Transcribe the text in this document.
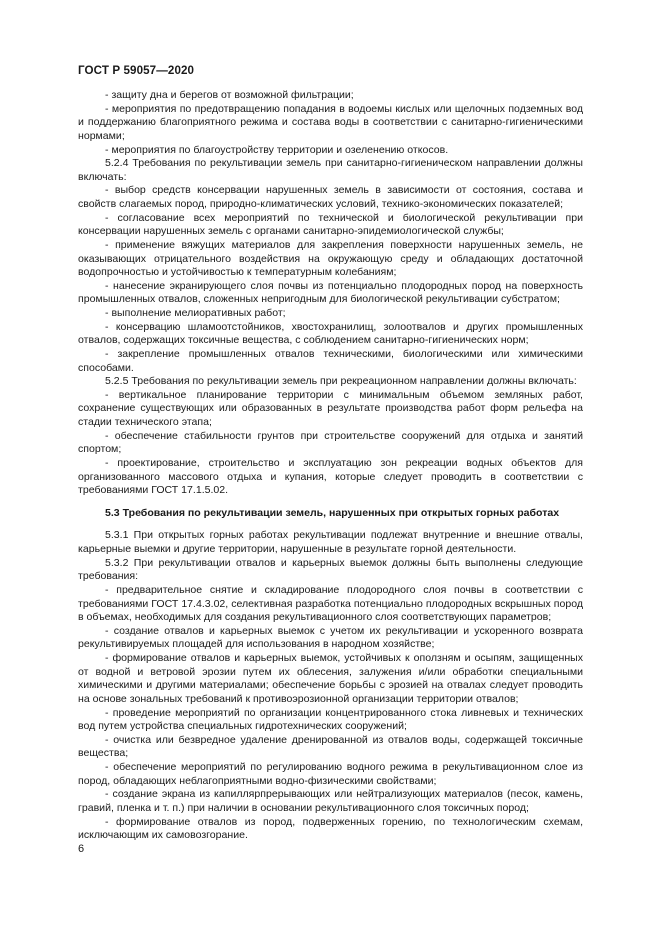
ГОСТ Р 59057—2020

- защиту дна и берегов от возможной фильтрации;

- мероприятия по предотвращению попадания в водоемы кислых или щелочных подземных вод и поддержанию благоприятного режима и состава воды в соответствии с санитарно-гигиеническими нормами;

- мероприятия по благоустройству территории и озеленению откосов.

5.2.4 Требования по рекультивации земель при санитарно-гигиеническом направлении должны включать:

- выбор средств консервации нарушенных земель в зависимости от состояния, состава и свойств слагаемых пород, природно-климатических условий, технико-экономических показателей;

- согласование всех мероприятий по технической и биологической рекультивации при консервации нарушенных земель с органами санитарно-эпидемиологической службы;

- применение вяжущих материалов для закрепления поверхности нарушенных земель, не оказывающих отрицательного воздействия на окружающую среду и обладающих достаточной водопрочностью и устойчивостью к температурным колебаниям;

- нанесение экранирующего слоя почвы из потенциально плодородных пород на поверхность промышленных отвалов, сложенных непригодным для биологической рекультивации субстратом;

- выполнение мелиоративных работ;

- консервацию шламоотстойников, хвостохранилищ, золоотвалов и других промышленных отвалов, содержащих токсичные вещества, с соблюдением санитарно-гигиенических норм;

- закрепление промышленных отвалов техническими, биологическими или химическими способами.

5.2.5 Требования по рекультивации земель при рекреационном направлении должны включать:

- вертикальное планирование территории с минимальным объемом земляных работ, сохранение существующих или образованных в результате производства работ форм рельефа на стадии технического этапа;

- обеспечение стабильности грунтов при строительстве сооружений для отдыха и занятий спортом;

- проектирование, строительство и эксплуатацию зон рекреации водных объектов для организованного массового отдыха и купания, которые следует проводить в соответствии с требованиями ГОСТ 17.1.5.02.

5.3 Требования по рекультивации земель, нарушенных при открытых горных работах

5.3.1 При открытых горных работах рекультивации подлежат внутренние и внешние отвалы, карьерные выемки и другие территории, нарушенные в результате горной деятельности.

5.3.2 При рекультивации отвалов и карьерных выемок должны быть выполнены следующие требования:

- предварительное снятие и складирование плодородного слоя почвы в соответствии с требованиями ГОСТ 17.4.3.02, селективная разработка потенциально плодородных вскрышных пород в объемах, необходимых для создания рекультивационного слоя соответствующих параметров;

- создание отвалов и карьерных выемок с учетом их рекультивации и ускоренного возврата рекультивируемых площадей для использования в народном хозяйстве;

- формирование отвалов и карьерных выемок, устойчивых к оползням и осыпям, защищенных от водной и ветровой эрозии путем их облесения, залужения и/или обработки специальными химическими и другими материалами; обеспечение борьбы с эрозией на отвалах следует проводить на основе зональных требований к противоэрозионной организации территории отвалов;

- проведение мероприятий по организации концентрированного стока ливневых и технических вод путем устройства специальных гидротехнических сооружений;

- очистка или безвредное удаление дренированной из отвалов воды, содержащей токсичные вещества;

- обеспечение мероприятий по регулированию водного режима в рекультивационном слое из пород, обладающих неблагоприятными водно-физическими свойствами;

- создание экрана из капиллярпрерывающих или нейтрализующих материалов (песок, камень, гравий, пленка и т. п.) при наличии в основании рекультивационного слоя токсичных пород;

- формирование отвалов из пород, подверженных горению, по технологическим схемам, исключающим их самовозгорание.

6
